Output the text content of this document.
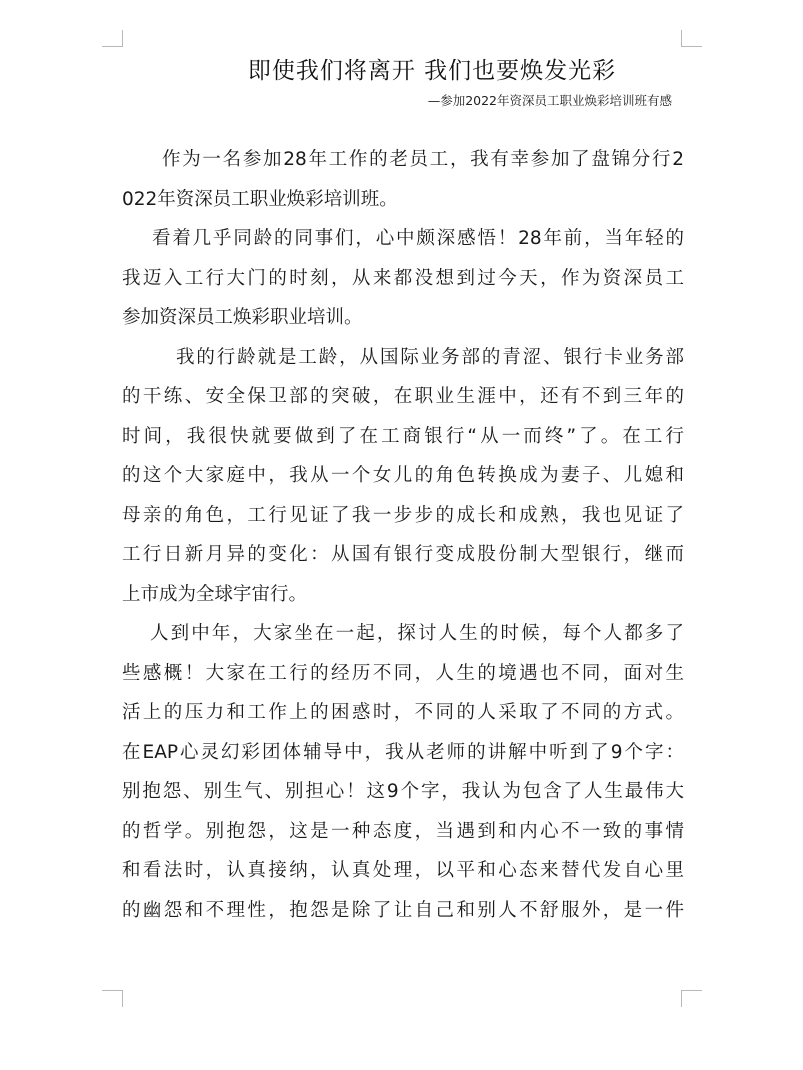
即使我们将离开 我们也要焕发光彩
—参加2022年资深员工职业焕彩培训班有感
作为一名参加28年工作的老员工，我有幸参加了盘锦分行2
022年资深员工职业焕彩培训班。
看着几乎同龄的同事们，心中颇深感悟！28年前，当年轻的
我迈入工行大门的时刻，从来都没想到过今天，作为资深员工
参加资深员工焕彩职业培训。
我的行龄就是工龄，从国际业务部的青涩、银行卡业务部
的干练、安全保卫部的突破，在职业生涯中，还有不到三年的
时间，我很快就要做到了在工商银行“从一而终”了。在工行
的这个大家庭中，我从一个女儿的角色转换成为妻子、儿媳和
母亲的角色，工行见证了我一步步的成长和成熟，我也见证了
工行日新月异的变化：从国有银行变成股份制大型银行，继而
上市成为全球宇宙行。
人到中年，大家坐在一起，探讨人生的时候，每个人都多了
些感概！大家在工行的经历不同，人生的境遇也不同，面对生
活上的压力和工作上的困惑时，不同的人采取了不同的方式。
在EAP心灵幻彩团体辅导中，我从老师的讲解中听到了9个字：
别抱怨、别生气、别担心！这9个字，我认为包含了人生最伟大
的哲学。别抱怨，这是一种态度，当遇到和内心不一致的事情
和看法时，认真接纳，认真处理，以平和心态来替代发自心里
的幽怨和不理性，抱怨是除了让自己和别人不舒服外，是一件
